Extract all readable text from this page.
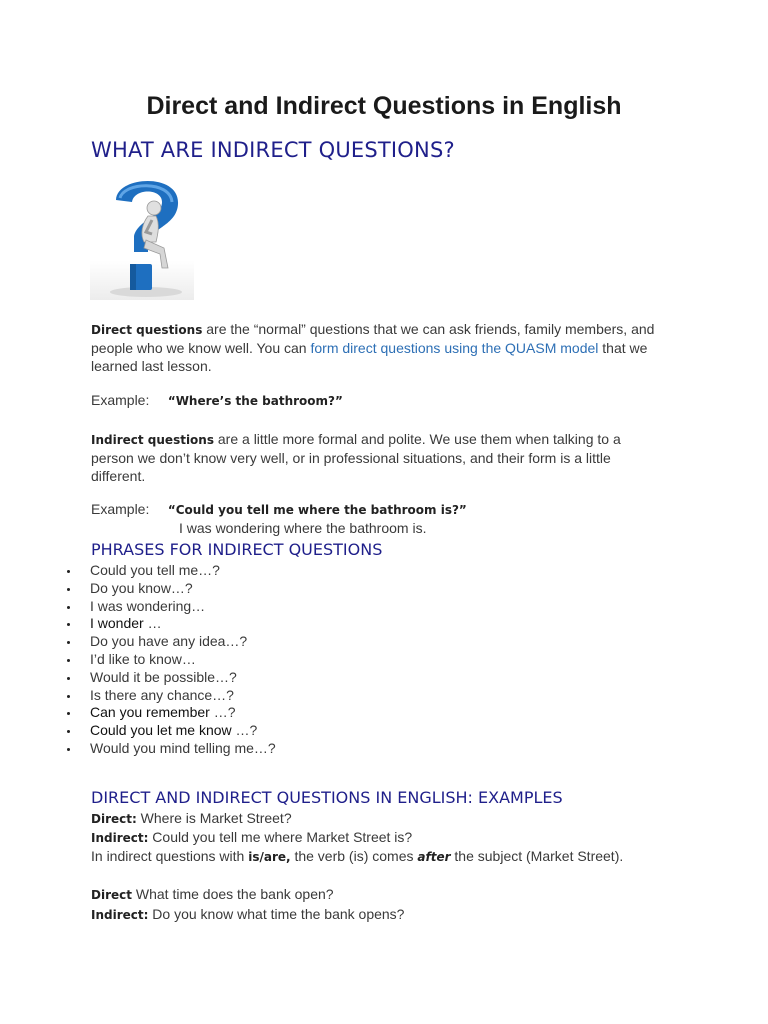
Direct and Indirect Questions in English
WHAT ARE INDIRECT QUESTIONS?
Direct questions are the “normal” questions that we can ask friends, family members, and people who we know well. You can form direct questions using the QUASM model that we learned last lesson.
Example: “Where’s the bathroom?”
Indirect questions are a little more formal and polite. We use them when talking to a person we don’t know very well, or in professional situations, and their form is a little different.
Example: “Could you tell me where the bathroom is?”
I was wondering where the bathroom is.
PHRASES FOR INDIRECT QUESTIONS
Could you tell me…?
Do you know…?
I was wondering…
I wonder …
Do you have any idea…?
I’d like to know…
Would it be possible…?
Is there any chance…?
Can you remember …?
Could you let me know …?
Would you mind telling me…?
DIRECT AND INDIRECT QUESTIONS IN ENGLISH: EXAMPLES
Direct: Where is Market Street?
Indirect: Could you tell me where Market Street is?
In indirect questions with is/are, the verb (is) comes after the subject (Market Street).
Direct What time does the bank open?
Indirect: Do you know what time the bank opens?
